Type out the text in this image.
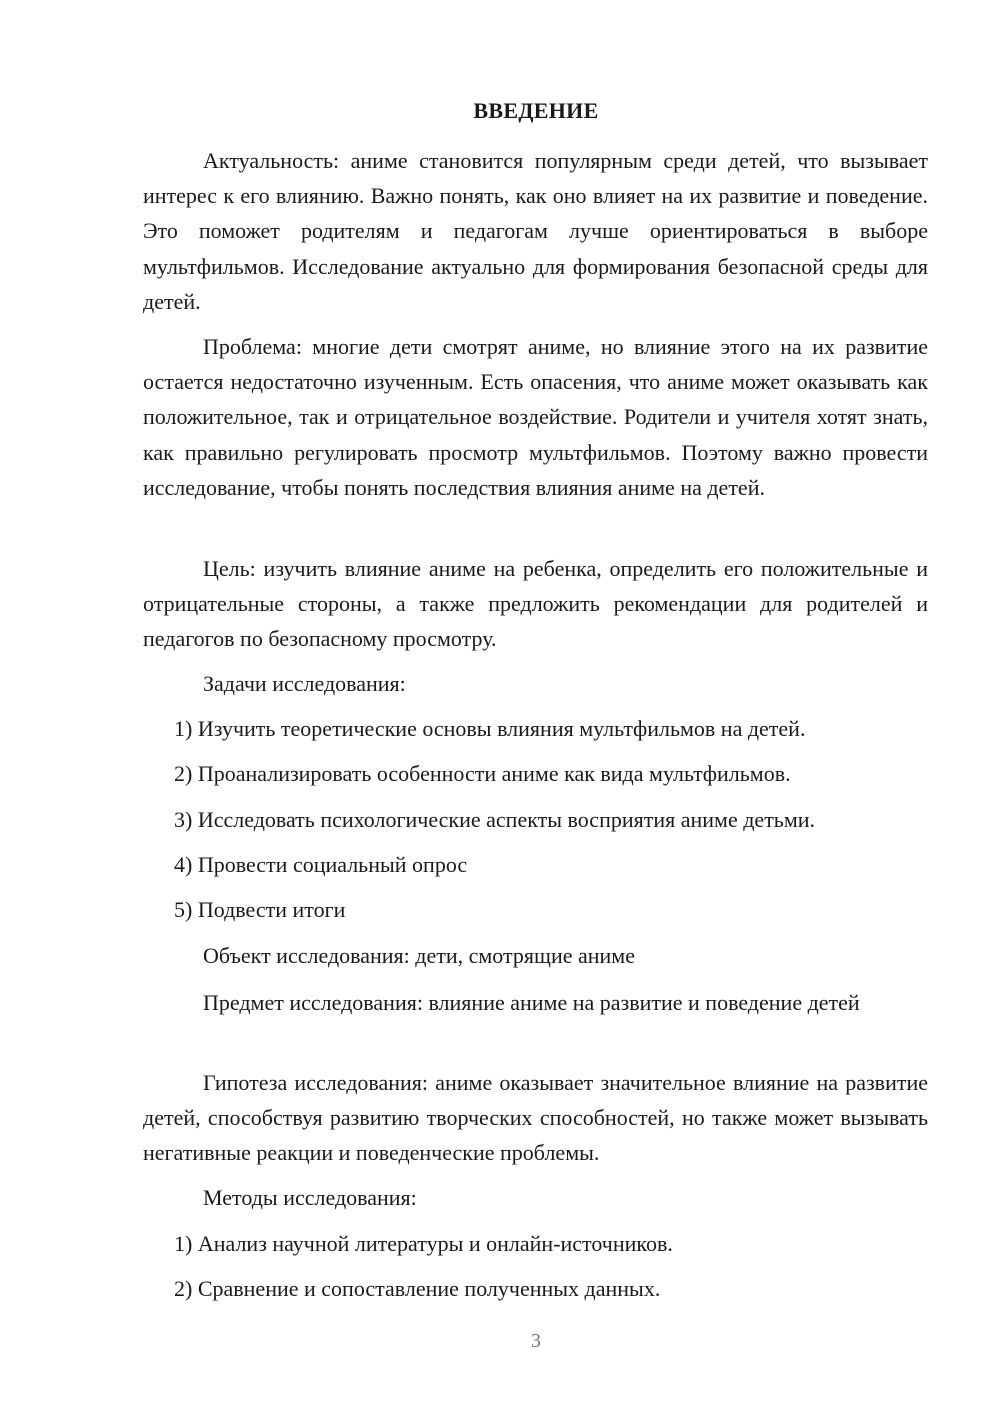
ВВЕДЕНИЕ

Актуальность: аниме становится популярным среди детей, что вызывает интерес к его влиянию. Важно понять, как оно влияет на их развитие и поведение. Это поможет родителям и педагогам лучше ориентироваться в выборе мультфильмов. Исследование актуально для формирования безопасной среды для детей.

Проблема: многие дети смотрят аниме, но влияние этого на их развитие остается недостаточно изученным. Есть опасения, что аниме может оказывать как положительное, так и отрицательное воздействие. Родители и учителя хотят знать, как правильно регулировать просмотр мультфильмов. Поэтому важно провести исследование, чтобы понять последствия влияния аниме на детей.

Цель: изучить влияние аниме на ребенка, определить его положительные и отрицательные стороны, а также предложить рекомендации для родителей и педагогов по безопасному просмотру.

Задачи исследования:

1) Изучить теоретические основы влияния мультфильмов на детей.

2) Проанализировать особенности аниме как вида мультфильмов.

3) Исследовать психологические аспекты восприятия аниме детьми.

4) Провести социальный опрос

5) Подвести итоги

Объект исследования: дети, смотрящие аниме

Предмет исследования: влияние аниме на развитие и поведение детей

Гипотеза исследования: аниме оказывает значительное влияние на развитие детей, способствуя развитию творческих способностей, но также может вызывать негативные реакции и поведенческие проблемы.

Методы исследования:

1) Анализ научной литературы и онлайн-источников.

2) Сравнение и сопоставление полученных данных.

3
